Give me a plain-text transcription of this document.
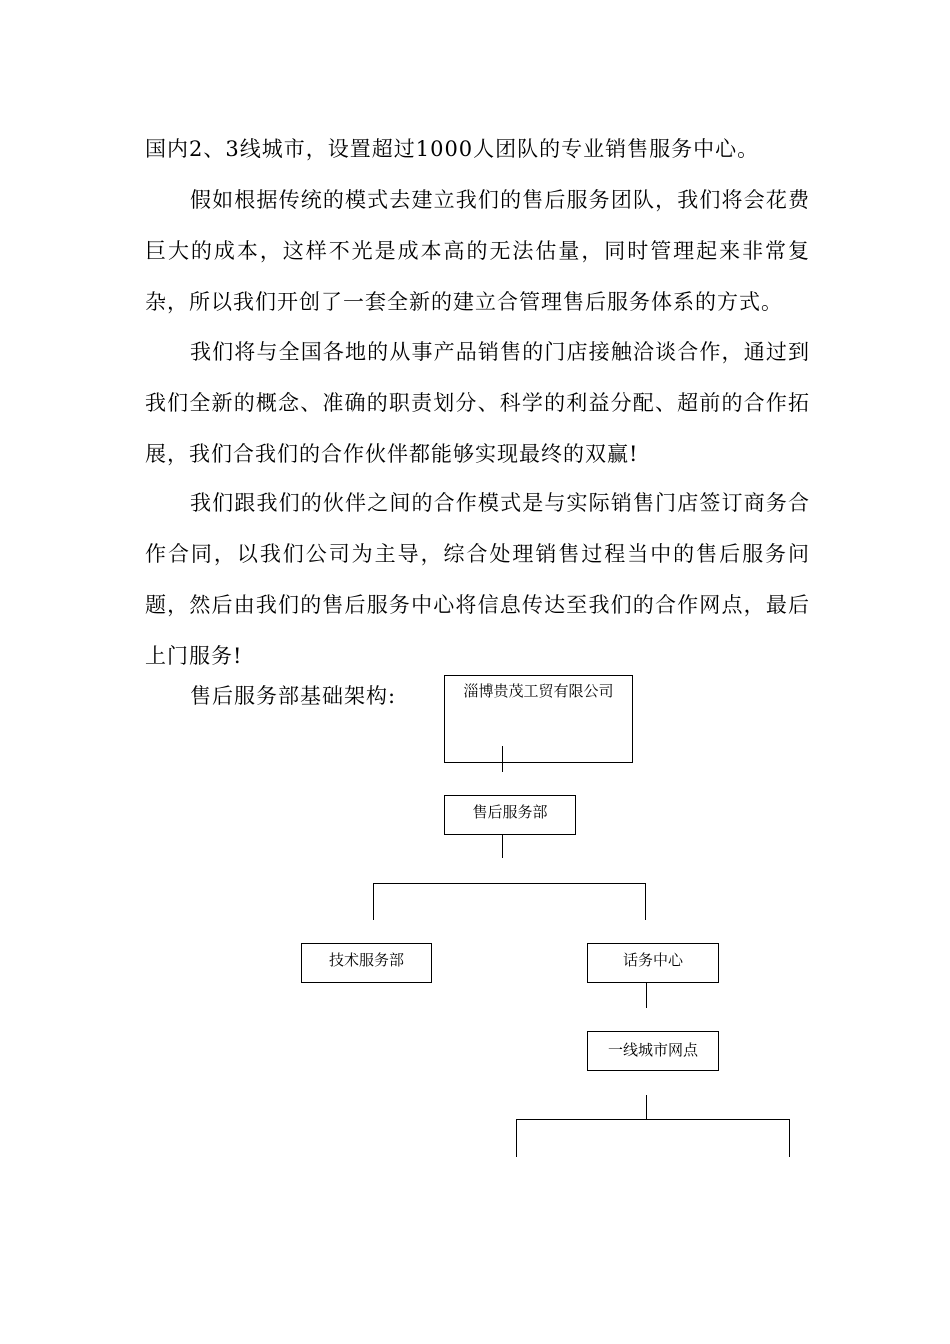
国内2、3线城市，设置超过1000人团队的专业销售服务中心。

假如根据传统的模式去建立我们的售后服务团队，我们将会花费巨大的成本，这样不光是成本高的无法估量，同时管理起来非常复杂，所以我们开创了一套全新的建立合管理售后服务体系的方式。

我们将与全国各地的从事产品销售的门店接触洽谈合作，通过到我们全新的概念、准确的职责划分、科学的利益分配、超前的合作拓展，我们合我们的合作伙伴都能够实现最终的双赢!

我们跟我们的伙伴之间的合作模式是与实际销售门店签订商务合作合同，以我们公司为主导，综合处理销售过程当中的售后服务问题，然后由我们的售后服务中心将信息传达至我们的合作网点，最后上门服务!

售后服务部基础架构:	淄博贵茂工贸有限公司
售后服务部
技术服务部	话务中心
一线城市网点
